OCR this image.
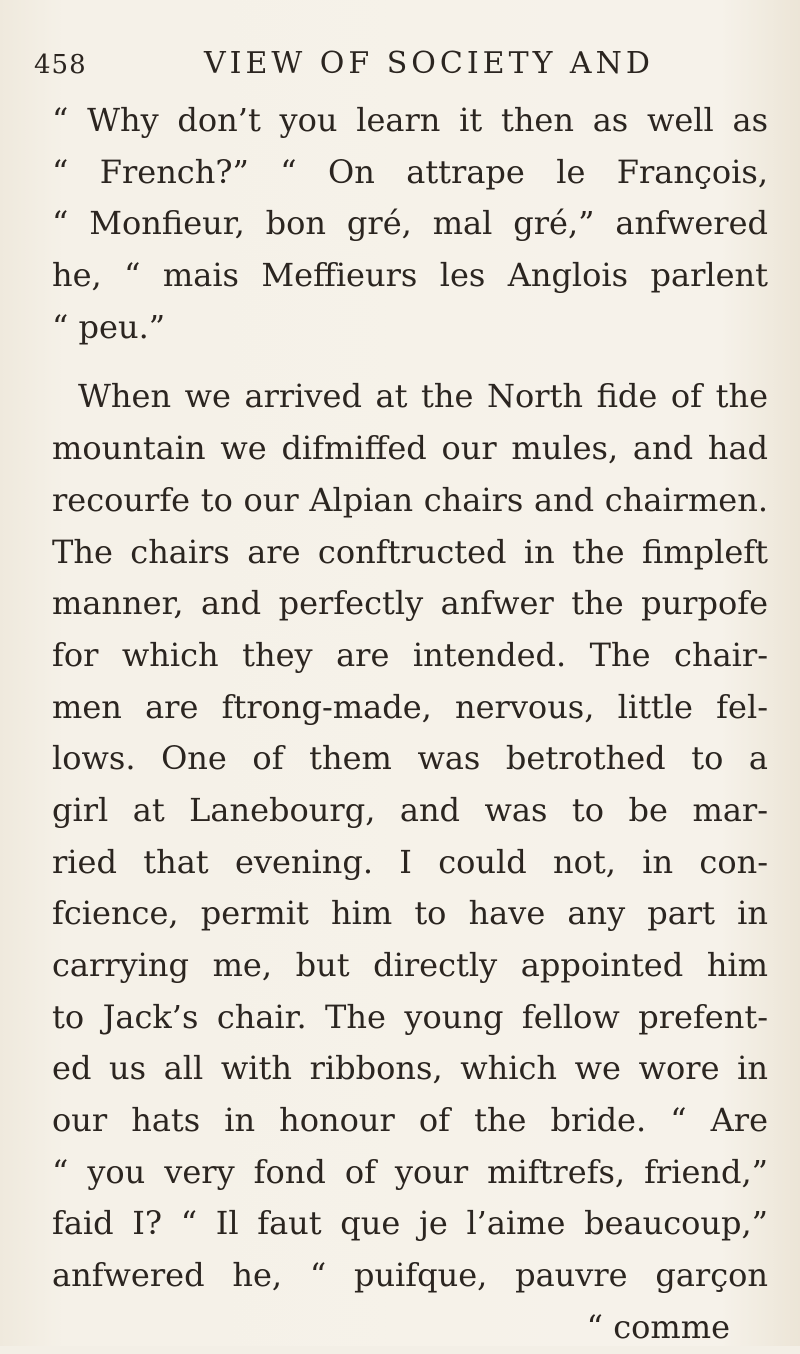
458	VIEW OF SOCIETY AND
“ Why don’t you learn it then as well as
“ French?” “ On attrape le François,
“ Monfieur, bon gré, mal gré,” anfwered
he, “ mais Meffieurs les Anglois parlent
“ peu.”
When we arrived at the North fide of the
mountain we difmiffed our mules, and had
recourfe to our Alpian chairs and chairmen.
The chairs are conftructed in the fimpleft
manner, and perfectly anfwer the purpofe
for which they are intended. The chair-
men are ftrong-made, nervous, little fel-
lows. One of them was betrothed to a
girl at Lanebourg, and was to be mar-
ried that evening. I could not, in con-
fcience, permit him to have any part in
carrying me, but directly appointed him
to Jack’s chair. The young fellow prefent-
ed us all with ribbons, which we wore in
our hats in honour of the bride. “ Are
“ you very fond of your miftrefs, friend,”
faid I? “ Il faut que je l’aime beaucoup,”
anfwered he, “ puifque, pauvre garçon
“ comme
